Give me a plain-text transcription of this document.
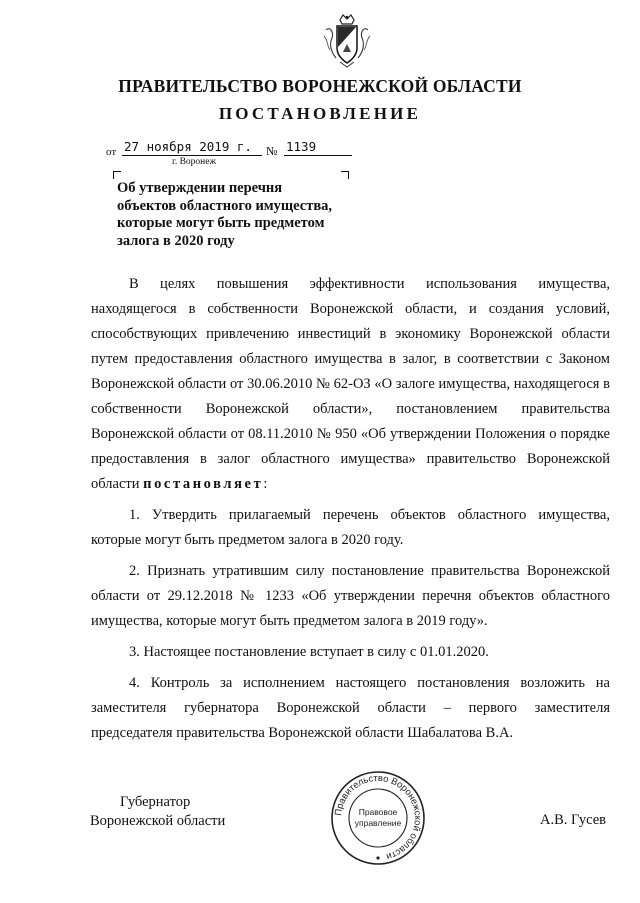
ПРАВИТЕЛЬСТВО ВОРОНЕЖСКОЙ ОБЛАСТИ
ПОСТАНОВЛЕНИЕ
от 27 ноября 2019 г.	№ 1139
г. Воронеж
Об утверждении перечня
объектов областного имущества,
которые могут быть предметом
залога в 2020 году

В целях повышения эффективности использования имущества, находящегося в собственности Воронежской области, и создания условий, способствующих привлечению инвестиций в экономику Воронежской области путем предоставления областного имущества в залог, в соответствии с Законом Воронежской области от 30.06.2010 № 62-ОЗ «О залоге имущества, находящегося в собственности Воронежской области», постановлением правительства Воронежской области от 08.11.2010 № 950 «Об утверждении Положения о порядке предоставления в залог областного имущества» правительство Воронежской области постановляет:

1. Утвердить прилагаемый перечень объектов областного имущества, которые могут быть предметом залога в 2020 году.

2. Признать утратившим силу постановление правительства Воронежской области от 29.12.2018 № 1233 «Об утверждении перечня объектов областного имущества, которые могут быть предметом залога в 2019 году».

3. Настоящее постановление вступает в силу с 01.01.2020.

4. Контроль за исполнением настоящего постановления возложить на заместителя губернатора Воронежской области – первого заместителя председателя правительства Воронежской области Шабалатова В.А.

Губернатор
Воронежской области
Правительство Воронежской области
Правовое
управление	А.В. Гусев
